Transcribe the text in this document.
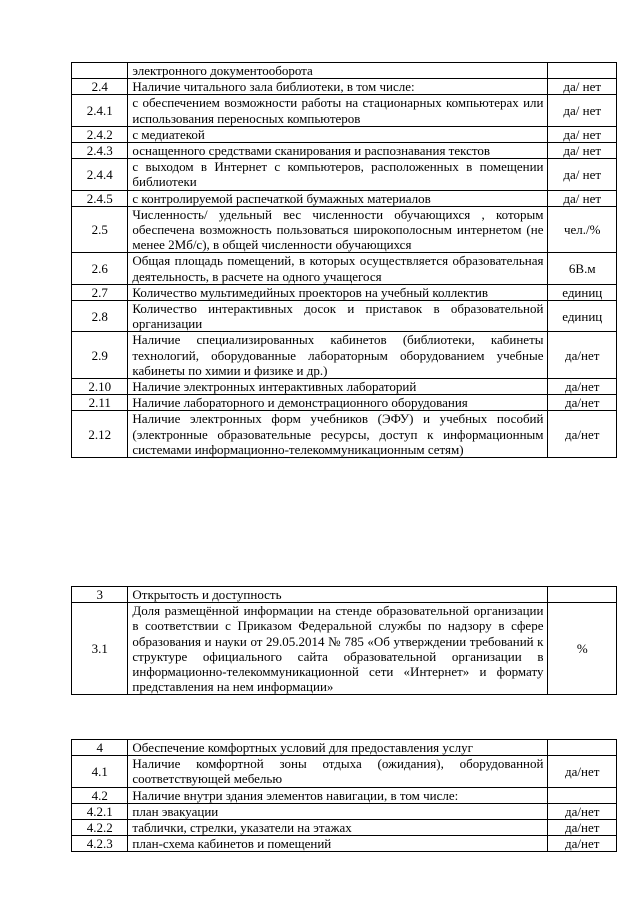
	электронного документооборота	
2.4	Наличие читального зала библиотеки, в том числе:	да/ нет
2.4.1	с обеспечением возможности работы на стационарных компьютерах или использования переносных компьютеров	да/ нет
2.4.2	с медиатекой	да/ нет
2.4.3	оснащенного средствами сканирования и распознавания текстов	да/ нет
2.4.4	с выходом в Интернет с компьютеров, расположенных в помещении библиотеки	да/ нет
2.4.5	с контролируемой распечаткой бумажных материалов	да/ нет
2.5	Численность/ удельный вес численности обучающихся , которым обеспечена возможность пользоваться широкополосным интернетом (не менее 2Мб/с), в общей численности обучающихся	чел./%
2.6	Общая площадь помещений, в которых осуществляется образовательная деятельность, в расчете на одного учащегося	6В.м
2.7	Количество мультимедийных проекторов на учебный коллектив	единиц
2.8	Количество интерактивных досок и приставок в образовательной организации	единиц
2.9	Наличие специализированных кабинетов (библиотеки, кабинеты технологий, оборудованные лабораторным оборудованием учебные кабинеты по химии и физике и др.)	да/нет
2.10	Наличие электронных интерактивных лабораторий	да/нет
2.11	Наличие лабораторного и демонстрационного оборудования	да/нет
2.12	Наличие электронных форм учебников (ЭФУ) и учебных пособий (электронные образовательные ресурсы, доступ к информационным системами информационно-телекоммуникационным сетям)	да/нет
3	Открытость и доступность	
3.1	Доля размещённой информации на стенде образовательной организации в соответствии с Приказом Федеральной службы по надзору в сфере образования и науки от 29.05.2014 № 785 «Об утверждении требований к структуре официального сайта образовательной организации в информационно-телекоммуникационной сети «Интернет» и формату представления на нем информации»	%
4	Обеспечение комфортных условий для предоставления услуг	
4.1	Наличие комфортной зоны отдыха (ожидания), оборудованной соответствующей мебелью	да/нет
4.2	Наличие внутри здания элементов навигации, в том числе:	
4.2.1	план эвакуации	да/нет
4.2.2	таблички, стрелки, указатели на этажах	да/нет
4.2.3	план-схема кабинетов и помещений	да/нет
